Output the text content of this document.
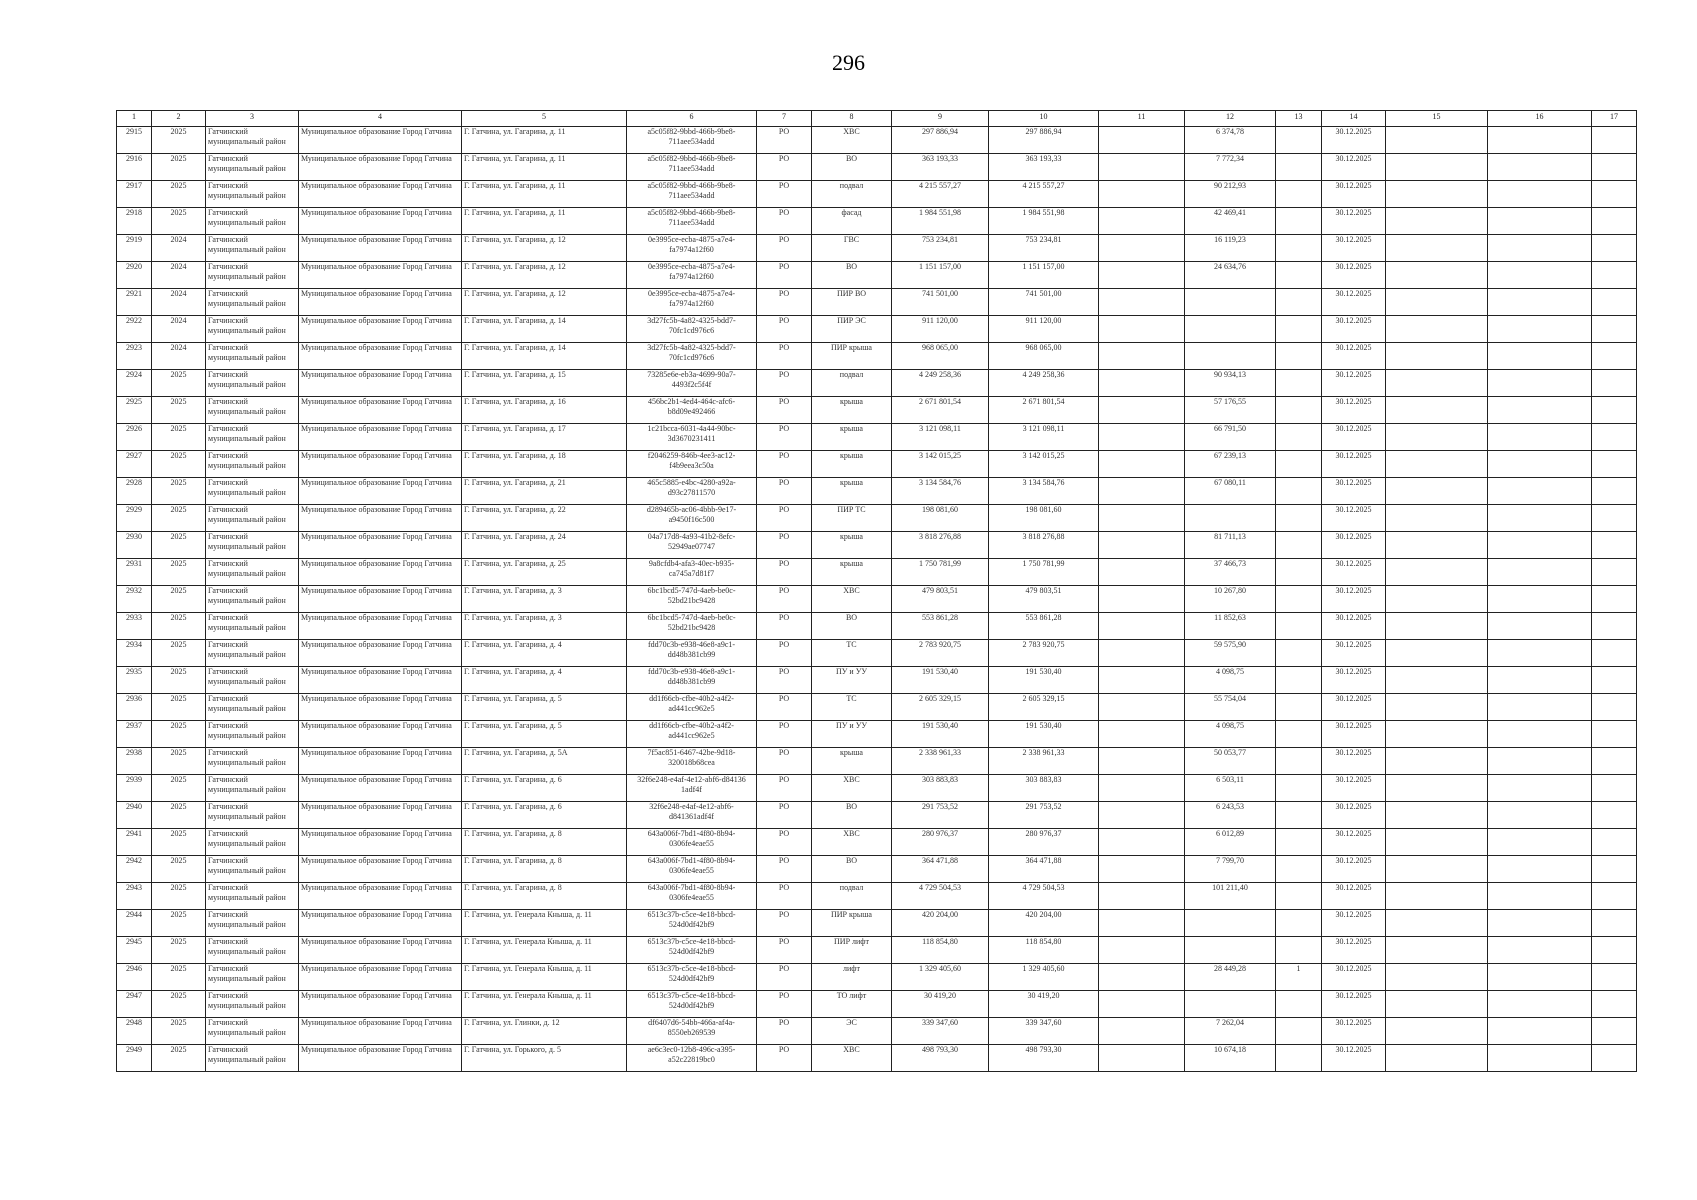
296
1	2	3	4	5	6	7	8	9	10	11	12	13	14	15	16	17
2915	2025	Гатчинский муниципальный район	Муниципальное образование Город Гатчина	Г. Гатчина, ул. Гагарина, д. 11	a5c05f82-9bbd-466b-9be8-711aee534add	РО	ХВС	297 886,94	297 886,94		6 374,78		30.12.2025			
2916	2025	Гатчинский муниципальный район	Муниципальное образование Город Гатчина	Г. Гатчина, ул. Гагарина, д. 11	a5c05f82-9bbd-466b-9be8-711aee534add	РО	ВО	363 193,33	363 193,33		7 772,34		30.12.2025			
2917	2025	Гатчинский муниципальный район	Муниципальное образование Город Гатчина	Г. Гатчина, ул. Гагарина, д. 11	a5c05f82-9bbd-466b-9be8-711aee534add	РО	подвал	4 215 557,27	4 215 557,27		90 212,93		30.12.2025			
2918	2025	Гатчинский муниципальный район	Муниципальное образование Город Гатчина	Г. Гатчина, ул. Гагарина, д. 11	a5c05f82-9bbd-466b-9be8-711aee534add	РО	фасад	1 984 551,98	1 984 551,98		42 469,41		30.12.2025			
2919	2024	Гатчинский муниципальный район	Муниципальное образование Город Гатчина	Г. Гатчина, ул. Гагарина, д. 12	0e3995ce-ecba-4875-a7e4-fa7974a12f60	РО	ГВС	753 234,81	753 234,81		16 119,23		30.12.2025			
2920	2024	Гатчинский муниципальный район	Муниципальное образование Город Гатчина	Г. Гатчина, ул. Гагарина, д. 12	0e3995ce-ecba-4875-a7e4-fa7974a12f60	РО	ВО	1 151 157,00	1 151 157,00		24 634,76		30.12.2025			
2921	2024	Гатчинский муниципальный район	Муниципальное образование Город Гатчина	Г. Гатчина, ул. Гагарина, д. 12	0e3995ce-ecba-4875-a7e4-fa7974a12f60	РО	ПИР ВО	741 501,00	741 501,00				30.12.2025			
2922	2024	Гатчинский муниципальный район	Муниципальное образование Город Гатчина	Г. Гатчина, ул. Гагарина, д. 14	3d27fc5b-4a82-4325-bdd7-70fc1cd976c6	РО	ПИР ЭС	911 120,00	911 120,00				30.12.2025			
2923	2024	Гатчинский муниципальный район	Муниципальное образование Город Гатчина	Г. Гатчина, ул. Гагарина, д. 14	3d27fc5b-4a82-4325-bdd7-70fc1cd976c6	РО	ПИР крыша	968 065,00	968 065,00				30.12.2025			
2924	2025	Гатчинский муниципальный район	Муниципальное образование Город Гатчина	Г. Гатчина, ул. Гагарина, д. 15	73285e6e-eb3a-4699-90a7-4493f2c5f4f	РО	подвал	4 249 258,36	4 249 258,36		90 934,13		30.12.2025			
2925	2025	Гатчинский муниципальный район	Муниципальное образование Город Гатчина	Г. Гатчина, ул. Гагарина, д. 16	456bc2b1-4ed4-464c-afc6-b8d09e492466	РО	крыша	2 671 801,54	2 671 801,54		57 176,55		30.12.2025			
2926	2025	Гатчинский муниципальный район	Муниципальное образование Город Гатчина	Г. Гатчина, ул. Гагарина, д. 17	1c21bcca-6031-4a44-90bc-3d3670231411	РО	крыша	3 121 098,11	3 121 098,11		66 791,50		30.12.2025			
2927	2025	Гатчинский муниципальный район	Муниципальное образование Город Гатчина	Г. Гатчина, ул. Гагарина, д. 18	f2046259-846b-4ee3-ac12-f4b9eea3c50a	РО	крыша	3 142 015,25	3 142 015,25		67 239,13		30.12.2025			
2928	2025	Гатчинский муниципальный район	Муниципальное образование Город Гатчина	Г. Гатчина, ул. Гагарина, д. 21	465c5885-e4bc-4280-a92a-d93c27811570	РО	крыша	3 134 584,76	3 134 584,76		67 080,11		30.12.2025			
2929	2025	Гатчинский муниципальный район	Муниципальное образование Город Гатчина	Г. Гатчина, ул. Гагарина, д. 22	d289465b-ac06-4bbb-9e17-a9450f16c500	РО	ПИР ТС	198 081,60	198 081,60				30.12.2025			
2930	2025	Гатчинский муниципальный район	Муниципальное образование Город Гатчина	Г. Гатчина, ул. Гагарина, д. 24	04a717d8-4a93-41b2-8efc-52949ae07747	РО	крыша	3 818 276,88	3 818 276,88		81 711,13		30.12.2025			
2931	2025	Гатчинский муниципальный район	Муниципальное образование Город Гатчина	Г. Гатчина, ул. Гагарина, д. 25	9a8cfdb4-afa3-40ec-b935-ca745a7d81f7	РО	крыша	1 750 781,99	1 750 781,99		37 466,73		30.12.2025			
2932	2025	Гатчинский муниципальный район	Муниципальное образование Город Гатчина	Г. Гатчина, ул. Гагарина, д. 3	6bc1bcd5-747d-4aeb-be0c-52bd21bc9428	РО	ХВС	479 803,51	479 803,51		10 267,80		30.12.2025			
2933	2025	Гатчинский муниципальный район	Муниципальное образование Город Гатчина	Г. Гатчина, ул. Гагарина, д. 3	6bc1bcd5-747d-4aeb-be0c-52bd21bc9428	РО	ВО	553 861,28	553 861,28		11 852,63		30.12.2025			
2934	2025	Гатчинский муниципальный район	Муниципальное образование Город Гатчина	Г. Гатчина, ул. Гагарина, д. 4	fdd70c3b-e938-46e8-a9c1-dd48b381cb99	РО	ТС	2 783 920,75	2 783 920,75		59 575,90		30.12.2025			
2935	2025	Гатчинский муниципальный район	Муниципальное образование Город Гатчина	Г. Гатчина, ул. Гагарина, д. 4	fdd70c3b-e938-46e8-a9c1-dd48b381cb99	РО	ПУ и УУ	191 530,40	191 530,40		4 098,75		30.12.2025			
2936	2025	Гатчинский муниципальный район	Муниципальное образование Город Гатчина	Г. Гатчина, ул. Гагарина, д. 5	dd1f66cb-cfbe-40b2-a4f2-ad441cc962e5	РО	ТС	2 605 329,15	2 605 329,15		55 754,04		30.12.2025			
2937	2025	Гатчинский муниципальный район	Муниципальное образование Город Гатчина	Г. Гатчина, ул. Гагарина, д. 5	dd1f66cb-cfbe-40b2-a4f2-ad441cc962e5	РО	ПУ и УУ	191 530,40	191 530,40		4 098,75		30.12.2025			
2938	2025	Гатчинский муниципальный район	Муниципальное образование Город Гатчина	Г. Гатчина, ул. Гагарина, д. 5А	7f5ac851-6467-42be-9d18-320018b68cea	РО	крыша	2 338 961,33	2 338 961,33		50 053,77		30.12.2025			
2939	2025	Гатчинский муниципальный район	Муниципальное образование Город Гатчина	Г. Гатчина, ул. Гагарина, д. 6	32f6e248-e4af-4e12-abf6-d84136 1adf4f	РО	ХВС	303 883,83	303 883,83		6 503,11		30.12.2025			
2940	2025	Гатчинский муниципальный район	Муниципальное образование Город Гатчина	Г. Гатчина, ул. Гагарина, д. 6	32f6e248-e4af-4e12-abf6-d841361adf4f	РО	ВО	291 753,52	291 753,52		6 243,53		30.12.2025			
2941	2025	Гатчинский муниципальный район	Муниципальное образование Город Гатчина	Г. Гатчина, ул. Гагарина, д. 8	643a006f-7bd1-4f80-8b94-0306fe4eae55	РО	ХВС	280 976,37	280 976,37		6 012,89		30.12.2025			
2942	2025	Гатчинский муниципальный район	Муниципальное образование Город Гатчина	Г. Гатчина, ул. Гагарина, д. 8	643a006f-7bd1-4f80-8b94-0306fe4eae55	РО	ВО	364 471,88	364 471,88		7 799,70		30.12.2025			
2943	2025	Гатчинский муниципальный район	Муниципальное образование Город Гатчина	Г. Гатчина, ул. Гагарина, д. 8	643a006f-7bd1-4f80-8b94-0306fe4eae55	РО	подвал	4 729 504,53	4 729 504,53		101 211,40		30.12.2025			
2944	2025	Гатчинский муниципальный район	Муниципальное образование Город Гатчина	Г. Гатчина, ул. Генерала Кныша, д. 11	6513c37b-c5ce-4e18-bbcd-524d0df42bf9	РО	ПИР крыша	420 204,00	420 204,00				30.12.2025			
2945	2025	Гатчинский муниципальный район	Муниципальное образование Город Гатчина	Г. Гатчина, ул. Генерала Кныша, д. 11	6513c37b-c5ce-4e18-bbcd-524d0df42bf9	РО	ПИР лифт	118 854,80	118 854,80				30.12.2025			
2946	2025	Гатчинский муниципальный район	Муниципальное образование Город Гатчина	Г. Гатчина, ул. Генерала Кныша, д. 11	6513c37b-c5ce-4e18-bbcd-524d0df42bf9	РО	лифт	1 329 405,60	1 329 405,60		28 449,28	1	30.12.2025			
2947	2025	Гатчинский муниципальный район	Муниципальное образование Город Гатчина	Г. Гатчина, ул. Генерала Кныша, д. 11	6513c37b-c5ce-4e18-bbcd-524d0df42bf9	РО	ТО лифт	30 419,20	30 419,20				30.12.2025			
2948	2025	Гатчинский муниципальный район	Муниципальное образование Город Гатчина	Г. Гатчина, ул. Глинки, д. 12	df6407d6-54bb-466a-af4a-8550eb269539	РО	ЭС	339 347,60	339 347,60		7 262,04		30.12.2025			
2949	2025	Гатчинский муниципальный район	Муниципальное образование Город Гатчина	Г. Гатчина, ул. Горького, д. 5	ae6c3ec0-12b8-496c-a395-a52c22819bc0	РО	ХВС	498 793,30	498 793,30		10 674,18		30.12.2025			
